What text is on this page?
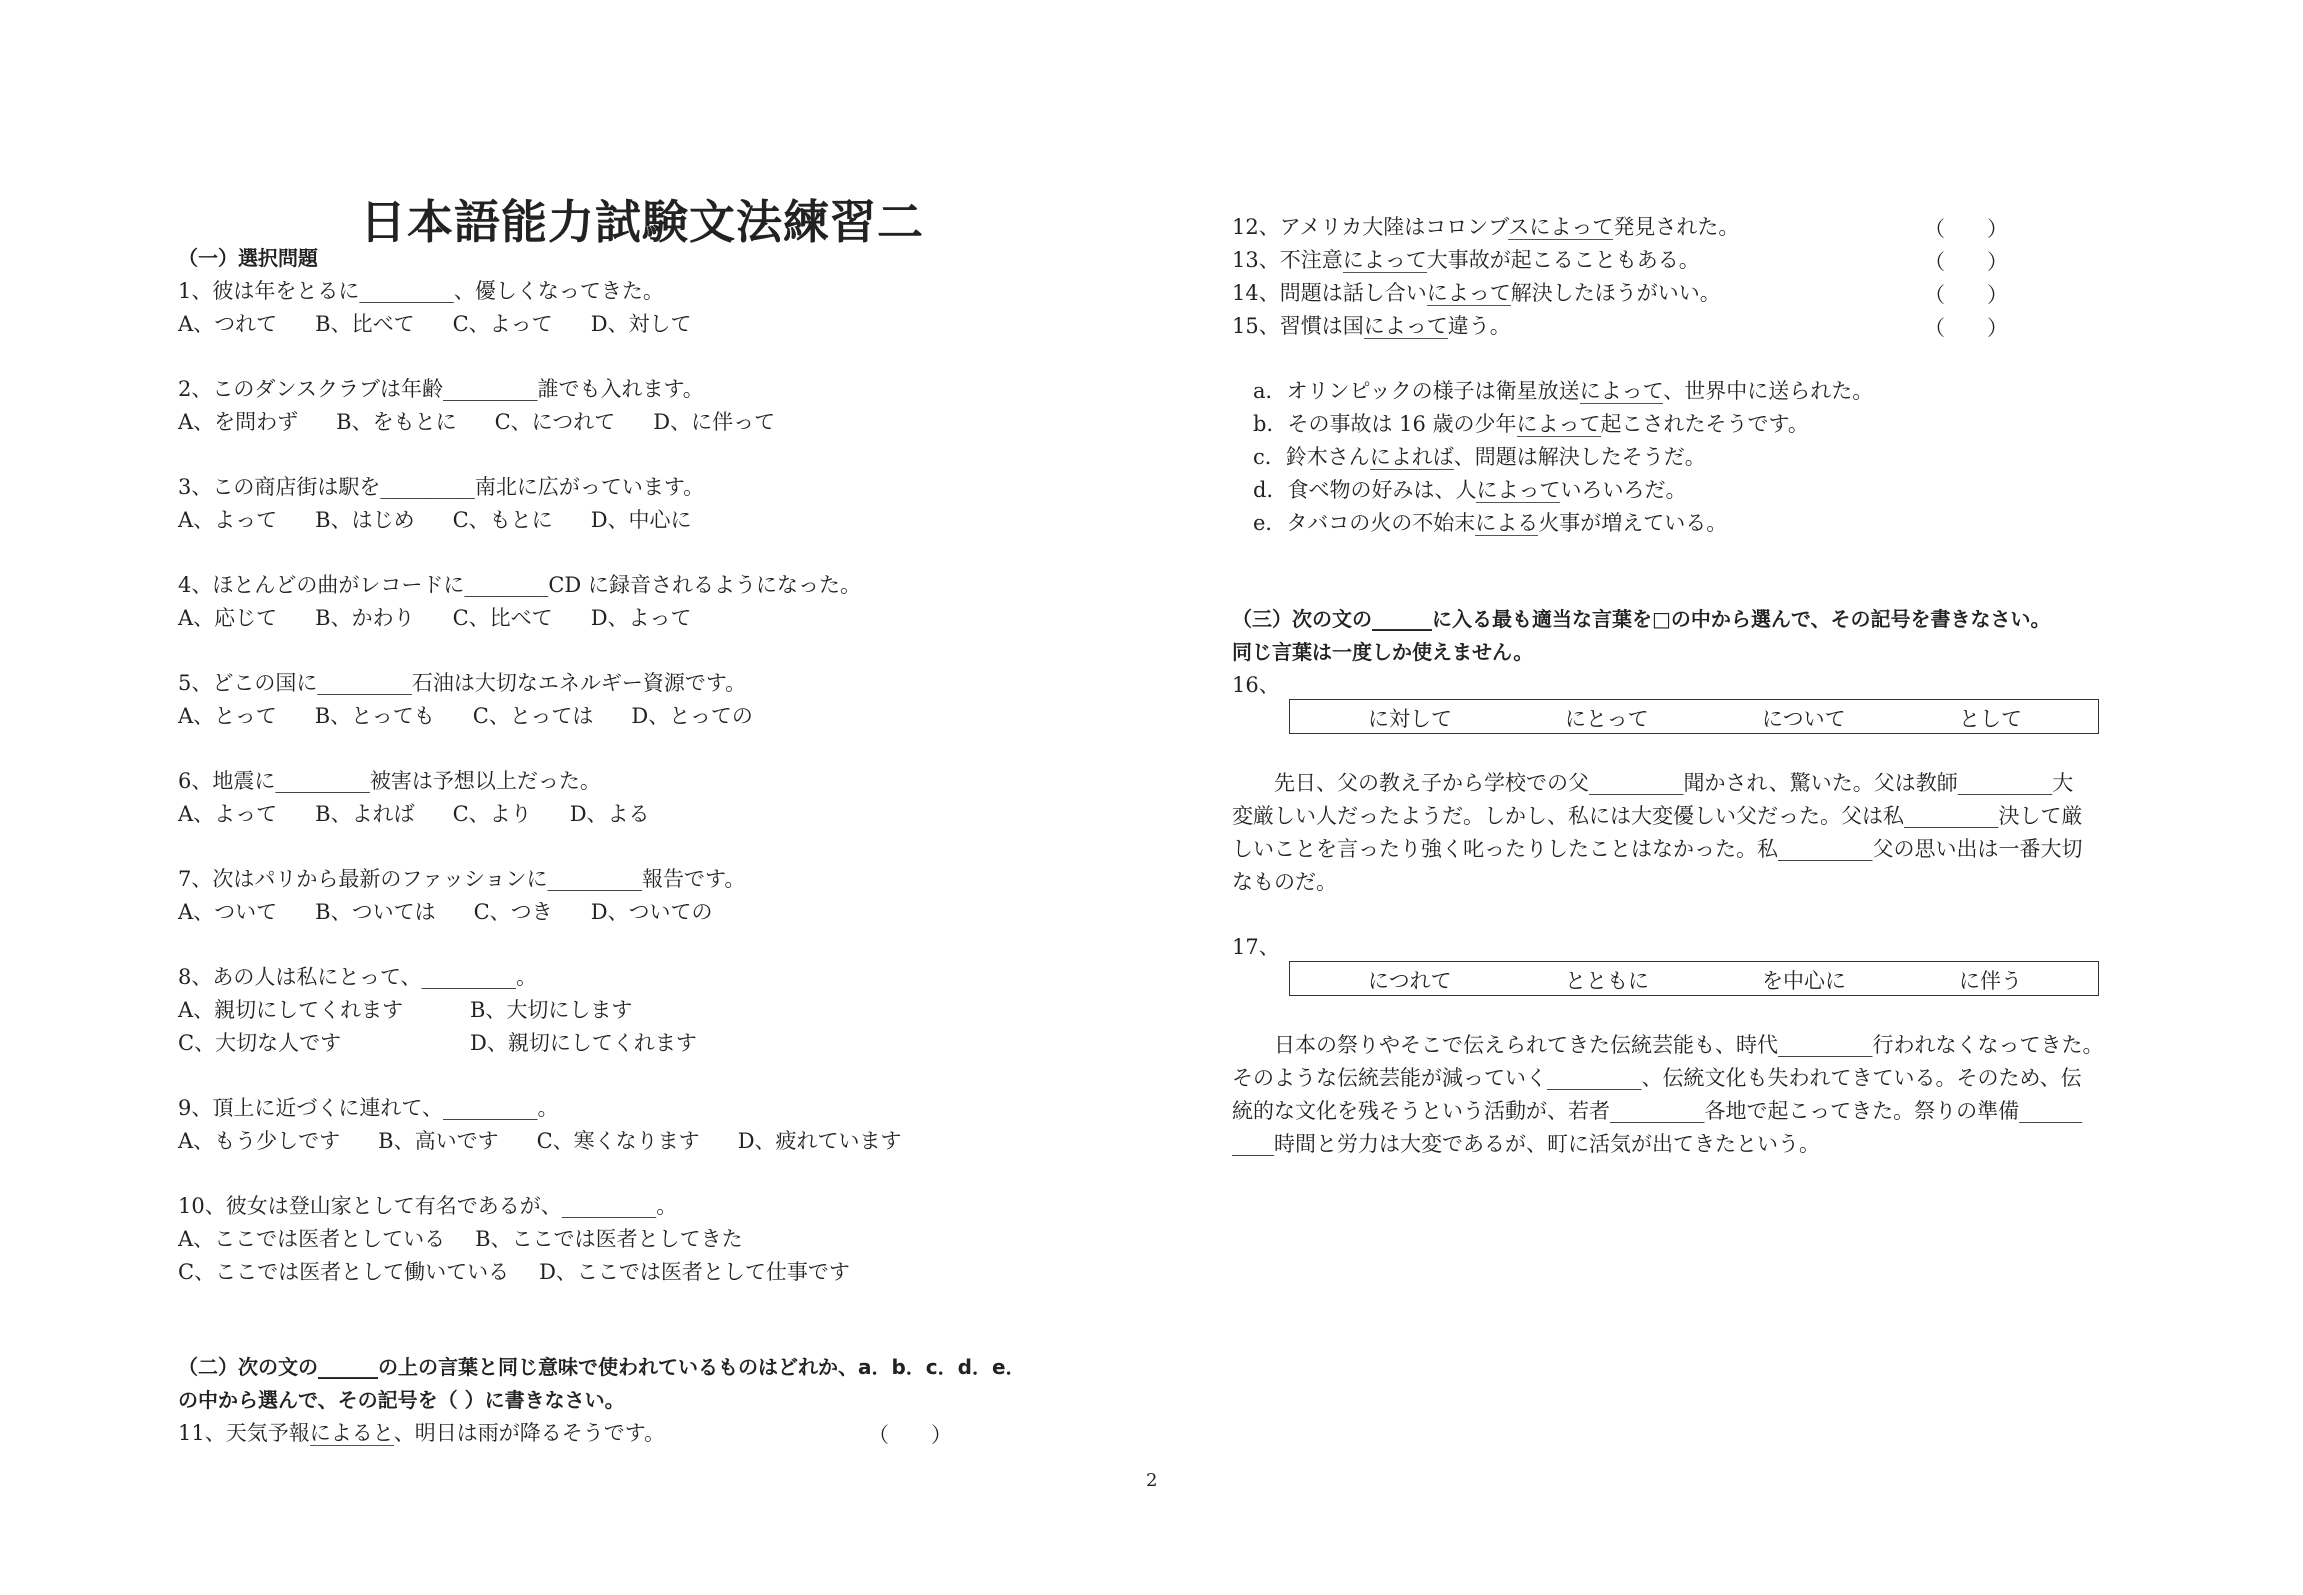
日本語能力試験文法練習二
（一）選択問題
1、彼は年をとるに_________、優しくなってきた。
A、つれて B、比べて C、よって D、対して
2、このダンスクラブは年齢_________誰でも入れます。
A、を問わず B、をもとに C、につれて D、に伴って
3、この商店街は駅を_________南北に広がっています。
A、よって B、はじめ C、もとに D、中心に
4、ほとんどの曲がレコードに________CD に録音されるようになった。
A、応じて B、かわり C、比べて D、よって
5、どこの国に_________石油は大切なエネルギー資源です。
A、とって B、とっても C、とっては D、とっての
6、地震に_________被害は予想以上だった。
A、よって B、よれば C、より D、よる
7、次はパリから最新のファッションに_________報告です。
A、ついて B、ついては C、つき D、ついての
8、あの人は私にとって、_________。
A、親切にしてくれます	B、大切にします
C、大切な人です	D、親切にしてくれます
9、頂上に近づくに連れて、_________。
A、もう少しです B、高いです C、寒くなります D、疲れています
10、彼女は登山家として有名であるが、_________。
A、ここでは医者としている B、ここでは医者としてきた
C、ここでは医者として働いている D、ここでは医者として仕事です
（二）次の文の______の上の言葉と同じ意味で使われているものはどれか、a．b．c．d．e．
の中から選んで、その記号を（ ）に書きなさい。
11、天気予報によると、明日は雨が降るそうです。	（　　）
12、アメリカ大陸はコロンブスによって発見された。	（　　）
13、不注意によって大事故が起こることもある。	（　　）
14、問題は話し合いによって解決したほうがいい。	（　　）
15、習慣は国によって違う。	（　　）
a．オリンピックの様子は衛星放送によって、世界中に送られた。
b．その事故は 16 歳の少年によって起こされたそうです。
c．鈴木さんによれば、問題は解決したそうだ。
d．食べ物の好みは、人によっていろいろだ。
e．タバコの火の不始末による火事が増えている。
（三）次の文の______に入る最も適当な言葉を□の中から選んで、その記号を書きなさい。
同じ言葉は一度しか使えません。
16、
に対して	にとって	について	として
　　先日、父の教え子から学校での父_________聞かされ、驚いた。父は教師_________大
変厳しい人だったようだ。しかし、私には大変優しい父だった。父は私_________決して厳
しいことを言ったり強く叱ったりしたことはなかった。私_________父の思い出は一番大切
なものだ。
17、
につれて	とともに	を中心に	に伴う
　　日本の祭りやそこで伝えられてきた伝統芸能も、時代_________行われなくなってきた。
そのような伝統芸能が減っていく_________、伝統文化も失われてきている。そのため、伝
統的な文化を残そうという活動が、若者_________各地で起こってきた。祭りの準備______
____時間と労力は大変であるが、町に活気が出てきたという。
2
